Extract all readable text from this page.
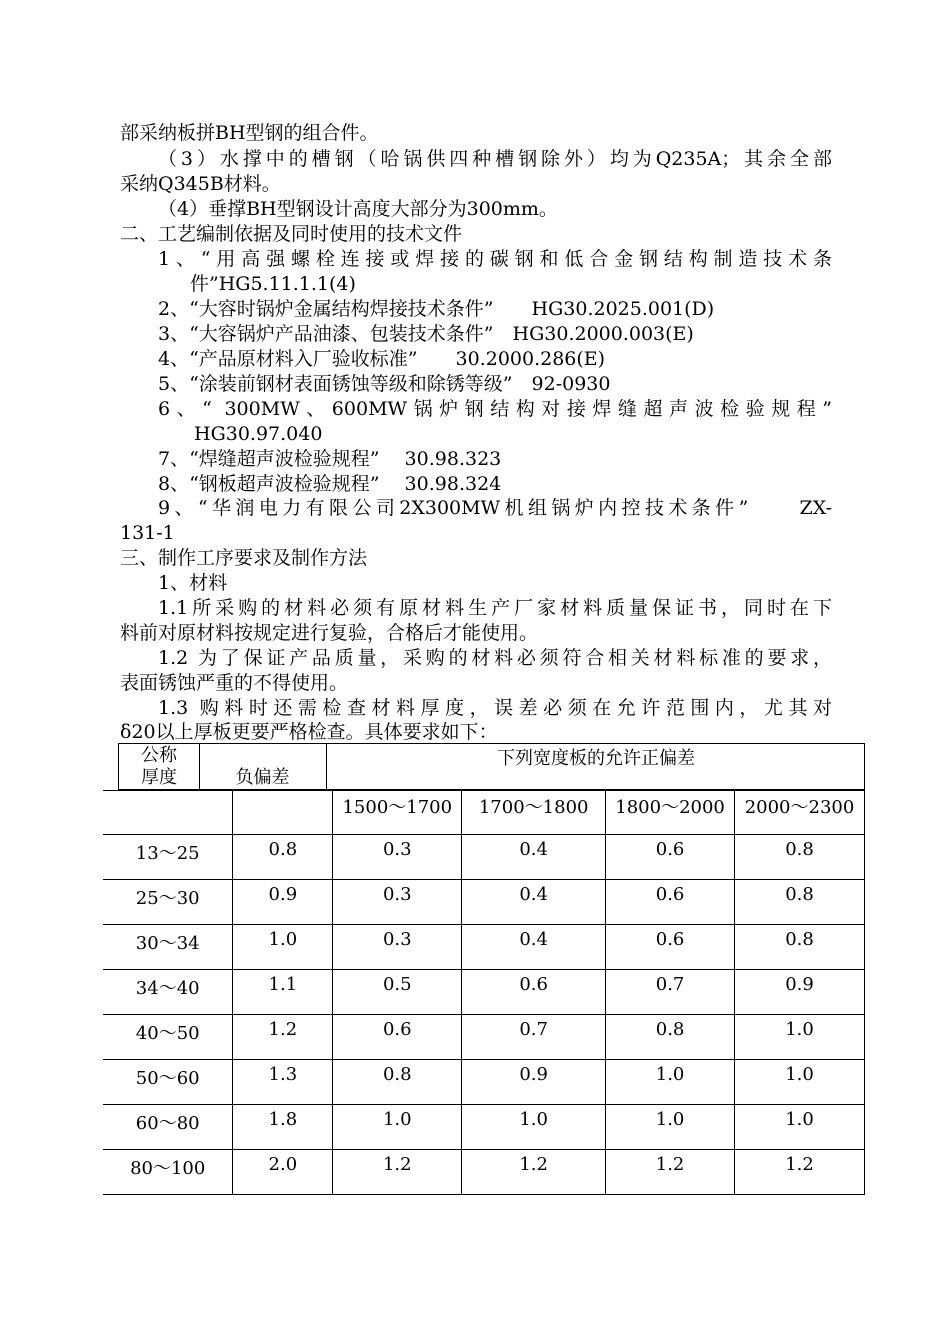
部采纳板拼BH型钢的组合件。
（3）水撑中的槽钢（哈锅供四种槽钢除外）均为Q235A；其余全部
采纳Q345B材料。
（4）垂撑BH型钢设计高度大部分为300mm。
二、工艺编制依据及同时使用的技术文件
1、“用高强螺栓连接或焊接的碳钢和低合金钢结构制造技术条
件”HG5.11.1.1(4)
2、“大容时锅炉金属结构焊接技术条件”　　HG30.2025.001(D)
3、“大容锅炉产品油漆、包装技术条件”　HG30.2000.003(E)
4、“产品原材料入厂验收标准”　　30.2000.286(E)
5、“涂装前钢材表面锈蚀等级和除锈等级”　92-0930
6、“ 300MW、600MW锅炉钢结构对接焊缝超声波检验规程”
HG30.97.040
7、“焊缝超声波检验规程”　 30.98.323
8、“钢板超声波检验规程”　 30.98.324
9、“华润电力有限公司2X300MW机组锅炉内控技术条件”　　ZX-
131-1
三、制作工序要求及制作方法
1、材料
1.1所采购的材料必须有原材料生产厂家材料质量保证书，同时在下
料前对原材料按规定进行复验，合格后才能使用。
1.2 为了保证产品质量，采购的材料必须符合相关材料标准的要求，
表面锈蚀严重的不得使用。
1.3 购料时还需检查材料厚度，误差必须在允许范围内，尤其对
δ20以上厚板更要严格检查。具体要求如下：
公称
厚度	负偏差
下列宽度板的允许正偏差
		1500～1700	1700～1800	1800～2000	2000～2300
13～25	0.8	0.3	0.4	0.6	0.8
25～30	0.9	0.3	0.4	0.6	0.8
30～34	1.0	0.3	0.4	0.6	0.8
34～40	1.1	0.5	0.6	0.7	0.9
40～50	1.2	0.6	0.7	0.8	1.0
50～60	1.3	0.8	0.9	1.0	1.0
60～80	1.8	1.0	1.0	1.0	1.0
80～100	2.0	1.2	1.2	1.2	1.2
